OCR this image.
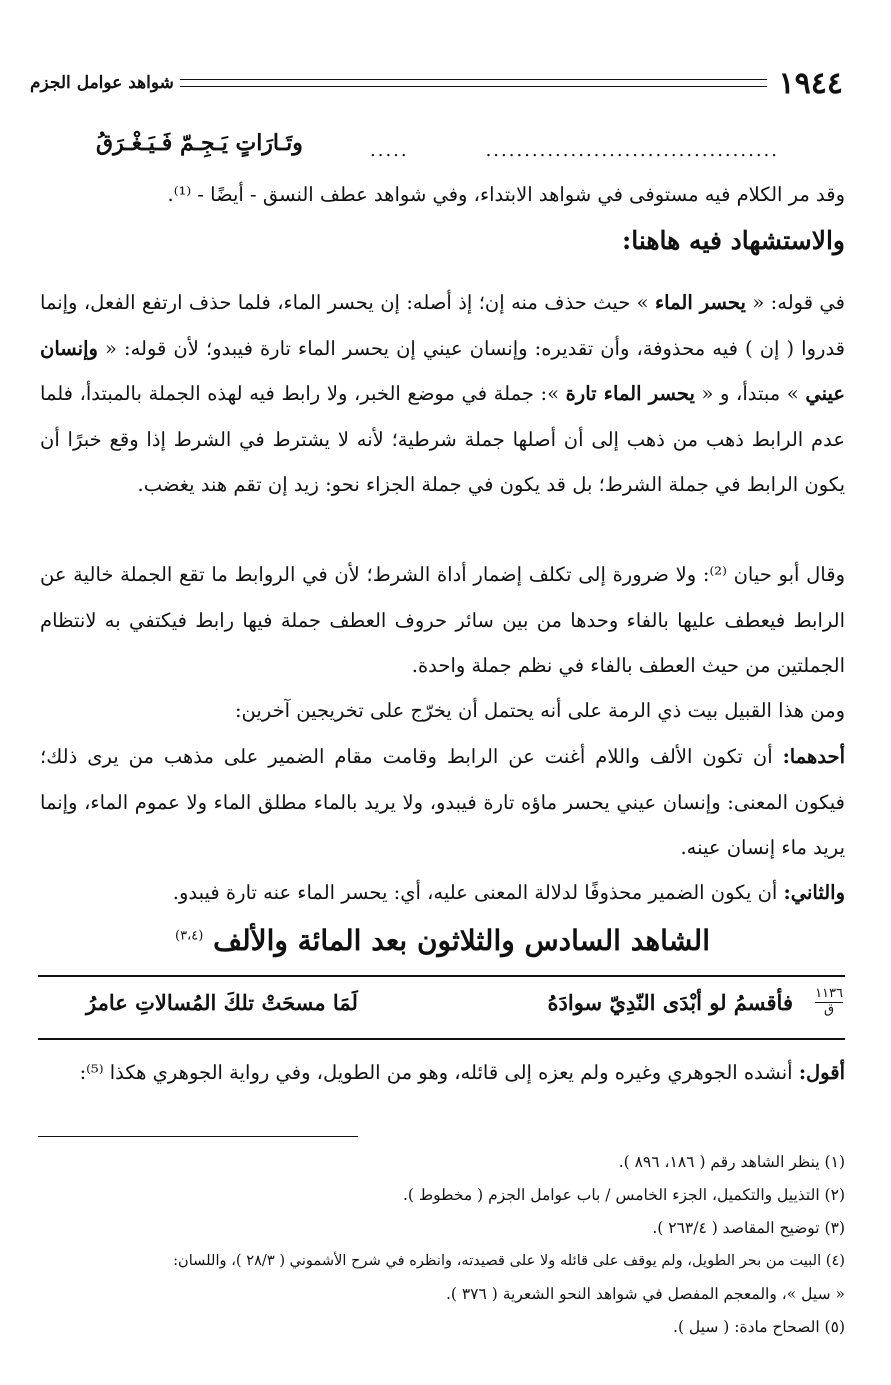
١٩٤٤
شواهد عوامل الجزم
......................................
.....
وتَـارَاتٍ يَـجِـمّ فَـيَـغْـرَقُ
وقد مر الكلام فيه مستوفى في شواهد الابتداء، وفي شواهد عطف النسق - أيضًا - ⁽¹⁾.
والاستشهاد فيه هاهنا:
في قوله: « يحسر الماء » حيث حذف منه إن؛ إذ أصله: إن يحسر الماء، فلما حذف ارتفع الفعل، وإنما قدروا ( إن ) فيه محذوفة، وأن تقديره: وإنسان عيني إن يحسر الماء تارة فيبدو؛ لأن قوله: « وإنسان عيني » مبتدأ، و « يحسر الماء تارة »: جملة في موضع الخبر، ولا رابط فيه لهذه الجملة بالمبتدأ، فلما عدم الرابط ذهب من ذهب إلى أن أصلها جملة شرطية؛ لأنه لا يشترط في الشرط إذا وقع خبرًا أن يكون الرابط في جملة الشرط؛ بل قد يكون في جملة الجزاء نحو: زيد إن تقم هند يغضب.
وقال أبو حيان ⁽²⁾: ولا ضرورة إلى تكلف إضمار أداة الشرط؛ لأن في الروابط ما تقع الجملة خالية عن الرابط فيعطف عليها بالفاء وحدها من بين سائر حروف العطف جملة فيها رابط فيكتفي به لانتظام الجملتين من حيث العطف بالفاء في نظم جملة واحدة.
ومن هذا القبيل بيت ذي الرمة على أنه يحتمل أن يخرّج على تخريجين آخرين:
أحدهما: أن تكون الألف واللام أغنت عن الرابط وقامت مقام الضمير على مذهب من يرى ذلك؛ فيكون المعنى: وإنسان عيني يحسر ماؤه تارة فيبدو، ولا يريد بالماء مطلق الماء ولا عموم الماء، وإنما يريد ماء إنسان عينه.
والثاني: أن يكون الضمير محذوفًا لدلالة المعنى عليه، أي: يحسر الماء عنه تارة فيبدو.
الشاهد السادس والثلاثون بعد المائة والألف $^{(٣،٤)}$
١١٣٦
ق
فأقسمُ لو أبْدَى النّدِيّ سوادَهُ
لَمَا مسحَتْ تلكَ المُسالاتِ عامرُ
أقول: أنشده الجوهري وغيره ولم يعزه إلى قائله، وهو من الطويل، وفي رواية الجوهري هكذا ⁽⁵⁾:
(١) ينظر الشاهد رقم ( ١٨٦، ٨٩٦ ).
(٢) التذييل والتكميل، الجزء الخامس / باب عوامل الجزم ( مخطوط ).
(٣) توضيح المقاصد ( ٢٦٣/٤ ).
(٤) البيت من بحر الطويل، ولم يوقف على قائله ولا على قصيدته، وانظره في شرح الأشموني ( ٢٨/٣ )، واللسان:
« سيل »، والمعجم المفصل في شواهد النحو الشعرية ( ٣٧٦ ).
(٥) الصحاح مادة: ( سيل ).
